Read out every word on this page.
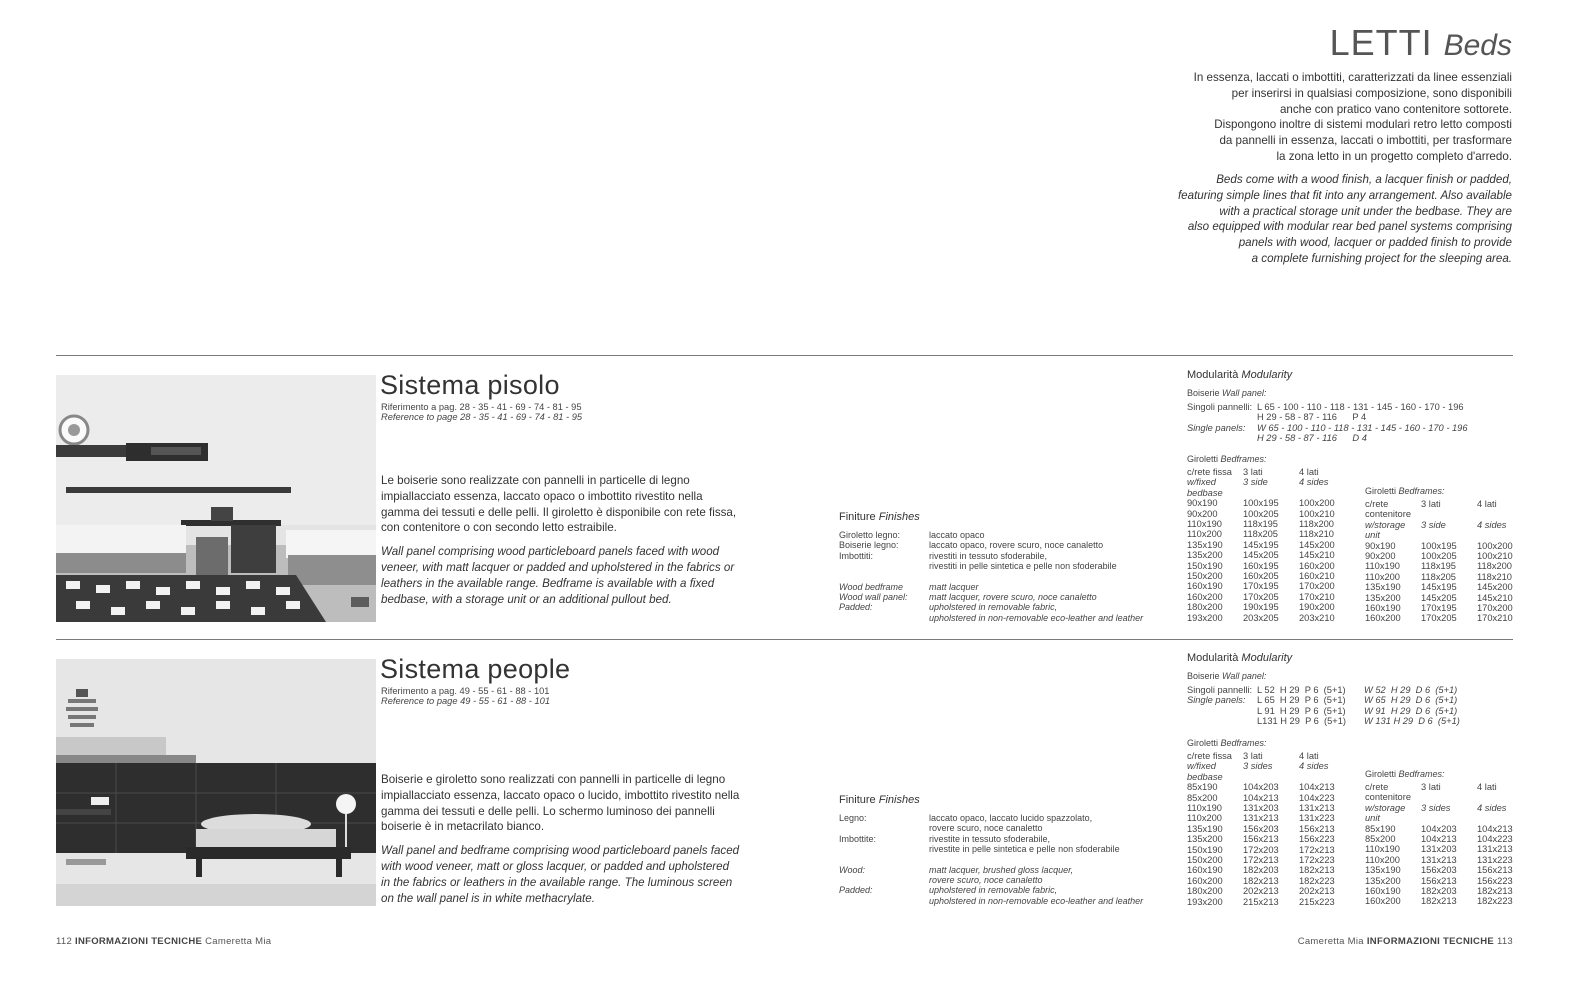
LETTI Beds
In essenza, laccati o imbottiti, caratterizzati da linee essenziali
per inserirsi in qualsiasi composizione, sono disponibili
anche con pratico vano contenitore sottorete.
Dispongono inoltre di sistemi modulari retro letto composti
da pannelli in essenza, laccati o imbottiti, per trasformare
la zona letto in un progetto completo d'arredo.
Beds come with a wood finish, a lacquer finish or padded,
featuring simple lines that fit into any arrangement. Also available
with a practical storage unit under the bedbase. They are
also equipped with modular rear bed panel systems comprising
panels with wood, lacquer or padded finish to provide
a complete furnishing project for the sleeping area.
Sistema pisolo
Riferimento a pag. 28 - 35 - 41 - 69 - 74 - 81 - 95
Reference to page 28 - 35 - 41 - 69 - 74 - 81 - 95

Le boiserie sono realizzate con pannelli in particelle di legno impiallacciato essenza, laccato opaco o imbottito rivestito nella gamma dei tessuti e delle pelli. Il giroletto è disponibile con rete fissa, con contenitore o con secondo letto estraibile.

Wall panel comprising wood particleboard panels faced with wood veneer, with matt lacquer or padded and upholstered in the fabrics or leathers in the available range. Bedframe is available with a fixed bedbase, with a storage unit or an additional pullout bed.

Finiture Finishes
Giroletto legno:	laccato opaco
Boiserie legno:	laccato opaco, rovere scuro, noce canaletto
Imbottiti:	rivestiti in tessuto sfoderabile,
rivestiti in pelle sintetica e pelle non sfoderabile
Wood bedframe	matt lacquer
Wood wall panel:	matt lacquer, rovere scuro, noce canaletto
Padded:	upholstered in removable fabric,
upholstered in non-removable eco-leather and leather
Modularità Modularity
Boiserie Wall panel:
Singoli pannelli: L 65 - 100 - 110 - 118 - 131 - 145 - 160 - 170 - 196
H 29 - 58 - 87 - 116      P 4
Single panels:	W 65 - 100 - 110 - 118 - 131 - 145 - 160 - 170 - 196
H 29 - 58 - 87 - 116      D 4
Giroletti Bedframes:
c/rete fissa	3 lati	4 lati
w/fixed	3 side	4 sides
bedbase		
90x190	100x195	100x200
90x200	100x205	100x210
110x190	118x195	118x200
110x200	118x205	118x210
135x190	145x195	145x200
135x200	145x205	145x210
150x190	160x195	160x200
150x200	160x205	160x210
160x190	170x195	170x200
160x200	170x205	170x210
180x200	190x195	190x200
193x200	203x205	203x210
Giroletti Bedframes:
c/rete	3 lati	4 lati
contenitore		
w/storage	3 side	4 sides
unit		
90x190	100x195	100x200
90x200	100x205	100x210
110x190	118x195	118x200
110x200	118x205	118x210
135x190	145x195	145x200
135x200	145x205	145x210
160x190	170x195	170x200
160x200	170x205	170x210
Sistema people
Riferimento a pag. 49 - 55 - 61 - 88 - 101
Reference to page 49 - 55 - 61 - 88 - 101

Boiserie e giroletto sono realizzati con pannelli in particelle di legno impiallacciato essenza, laccato opaco o lucido, imbottito rivestito nella gamma dei tessuti e delle pelli. Lo schermo luminoso dei pannelli boiserie è in metacrilato bianco.

Wall panel and bedframe comprising wood particleboard panels faced with wood veneer, matt or gloss lacquer, or padded and upholstered in the fabrics or leathers in the available range. The luminous screen on the wall panel is in white methacrylate.

Finiture Finishes
Legno:	laccato opaco, laccato lucido spazzolato,
rovere scuro, noce canaletto
Imbottite:	rivestite in tessuto sfoderabile,
rivestite in pelle sintetica e pelle non sfoderabile
Wood:	matt lacquer, brushed gloss lacquer,
rovere scuro, noce canaletto
Padded:	upholstered in removable fabric,
upholstered in non-removable eco-leather and leather
Modularità Modularity
Boiserie Wall panel:
Singoli pannelli: L 52  H 29  P 6  (5+1)	W 52  H 29  D 6  (5+1)
Single panels:	L 65  H 29  P 6  (5+1)	W 65  H 29  D 6  (5+1)
L 91  H 29  P 6  (5+1)	W 91  H 29  D 6  (5+1)
L131 H 29  P 6  (5+1)	W 131 H 29  D 6  (5+1)
Giroletti Bedframes:
c/rete fissa	3 lati	4 lati
w/fixed	3 sides	4 sides
bedbase		
85x190	104x203	104x213
85x200	104x213	104x223
110x190	131x203	131x213
110x200	131x213	131x223
135x190	156x203	156x213
135x200	156x213	156x223
150x190	172x203	172x213
150x200	172x213	172x223
160x190	182x203	182x213
160x200	182x213	182x223
180x200	202x213	202x213
193x200	215x213	215x223
Giroletti Bedframes:
c/rete	3 lati	4 lati
contenitore		
w/storage	3 sides	4 sides
unit		
85x190	104x203	104x213
85x200	104x213	104x223
110x190	131x203	131x213
110x200	131x213	131x223
135x190	156x203	156x213
135x200	156x213	156x223
160x190	182x203	182x213
160x200	182x213	182x223
112 INFORMAZIONI TECNICHE Cameretta Mia	Cameretta Mia INFORMAZIONI TECNICHE 113
